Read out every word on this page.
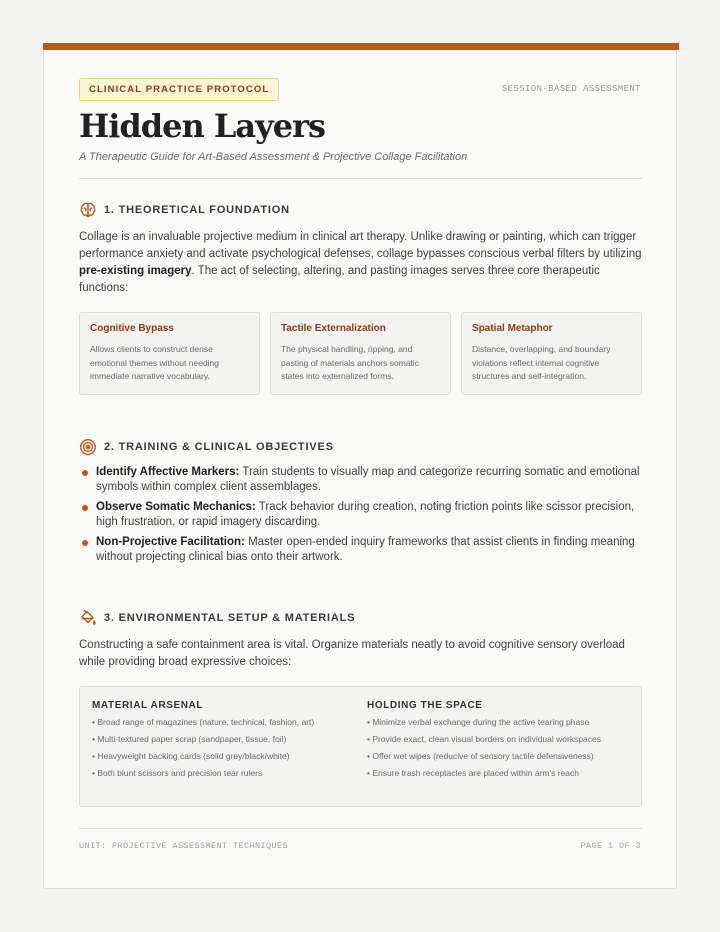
CLINICAL PRACTICE PROTOCOL	SESSION-BASED ASSESSMENT
Hidden Layers
A Therapeutic Guide for Art-Based Assessment & Projective Collage Facilitation
1. THEORETICAL FOUNDATION
Collage is an invaluable projective medium in clinical art therapy. Unlike drawing or painting, which can trigger performance anxiety and activate psychological defenses, collage bypasses conscious verbal filters by utilizing pre-existing imagery. The act of selecting, altering, and pasting images serves three core therapeutic functions:
Cognitive Bypass
Allows clients to construct dense emotional themes without needing immediate narrative vocabulary.
Tactile Externalization
The physical handling, ripping, and pasting of materials anchors somatic states into externalized forms.
Spatial Metaphor
Distance, overlapping, and boundary violations reflect internal cognitive structures and self-integration.
2. TRAINING & CLINICAL OBJECTIVES
Identify Affective Markers: Train students to visually map and categorize recurring somatic and emotional symbols within complex client assemblages.
Observe Somatic Mechanics: Track behavior during creation, noting friction points like scissor precision, high frustration, or rapid imagery discarding.
Non-Projective Facilitation: Master open-ended inquiry frameworks that assist clients in finding meaning without projecting clinical bias onto their artwork.
3. ENVIRONMENTAL SETUP & MATERIALS
Constructing a safe containment area is vital. Organize materials neatly to avoid cognitive sensory overload while providing broad expressive choices:
MATERIAL ARSENAL
• Broad range of magazines (nature, technical, fashion, art)
• Multi-textured paper scrap (sandpaper, tissue, foil)
• Heavyweight backing cards (solid grey/black/white)
• Both blunt scissors and precision tear rulers
HOLDING THE SPACE
• Minimize verbal exchange during the active tearing phase
• Provide exact, clean visual borders on individual workspaces
• Offer wet wipes (reducive of sensory tactile defensiveness)
• Ensure trash receptacles are placed within arm's reach
UNIT: PROJECTIVE ASSESSMENT TECHNIQUES	PAGE 1 OF 3
